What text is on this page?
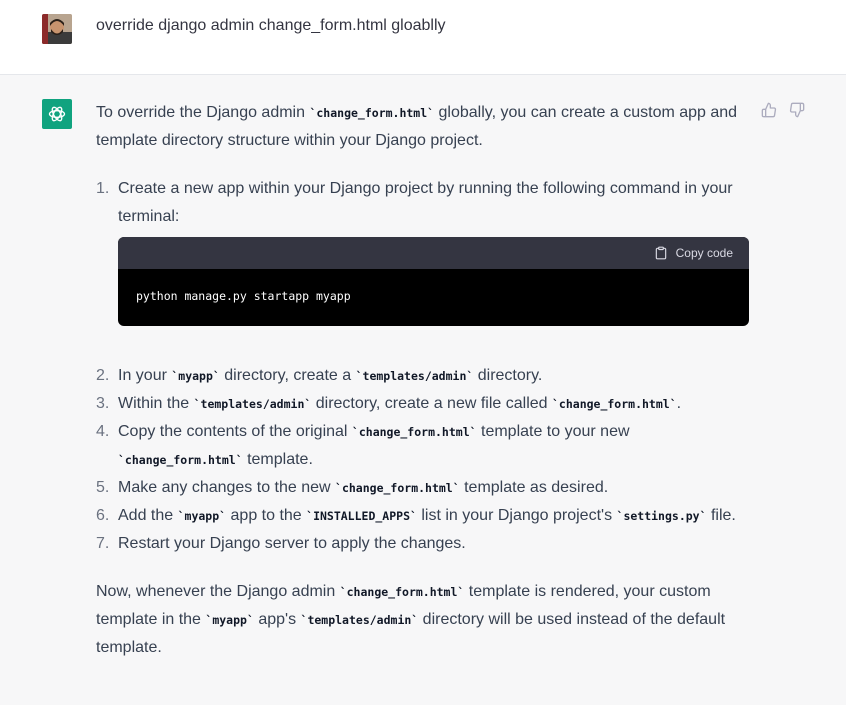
override django admin change_form.html gloablly

To override the Django admin `change_form.html` globally, you can create a custom app and template directory structure within your Django project.

1. Create a new app within your Django project by running the following command in your terminal:
Copy code
python manage.py startapp myapp
2. In your `myapp` directory, create a `templates/admin` directory.
3. Within the `templates/admin` directory, create a new file called `change_form.html`.
4. Copy the contents of the original `change_form.html` template to your new `change_form.html` template.
5. Make any changes to the new `change_form.html` template as desired.
6. Add the `myapp` app to the `INSTALLED_APPS` list in your Django project's `settings.py` file.
7. Restart your Django server to apply the changes.

Now, whenever the Django admin `change_form.html` template is rendered, your custom template in the `myapp` app's `templates/admin` directory will be used instead of the default template.
